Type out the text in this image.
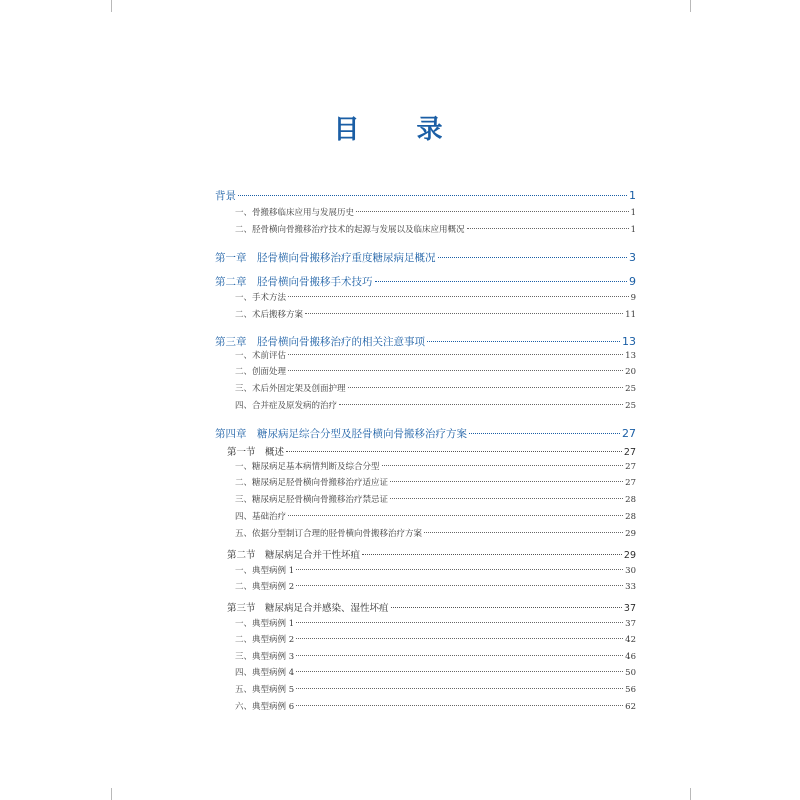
目 录
背景	1
一、骨搬移临床应用与发展历史	1
二、胫骨横向骨搬移治疗技术的起源与发展以及临床应用概况	1
第一章　胫骨横向骨搬移治疗重度糖尿病足概况	3
第二章　胫骨横向骨搬移手术技巧	9
一、手术方法	9
二、术后搬移方案	11
第三章　胫骨横向骨搬移治疗的相关注意事项	13
一、术前评估	13
二、创面处理	20
三、术后外固定架及创面护理	25
四、合并症及原发病的治疗	25
第四章　糖尿病足综合分型及胫骨横向骨搬移治疗方案	27
第一节　概述	27
一、糖尿病足基本病情判断及综合分型	27
二、糖尿病足胫骨横向骨搬移治疗适应证	27
三、糖尿病足胫骨横向骨搬移治疗禁忌证	28
四、基础治疗	28
五、依据分型制订合理的胫骨横向骨搬移治疗方案	29
第二节　糖尿病足合并干性坏疽	29
一、典型病例 1	30
二、典型病例 2	33
第三节　糖尿病足合并感染、湿性坏疽	37
一、典型病例 1	37
二、典型病例 2	42
三、典型病例 3	46
四、典型病例 4	50
五、典型病例 5	56
六、典型病例 6	62
